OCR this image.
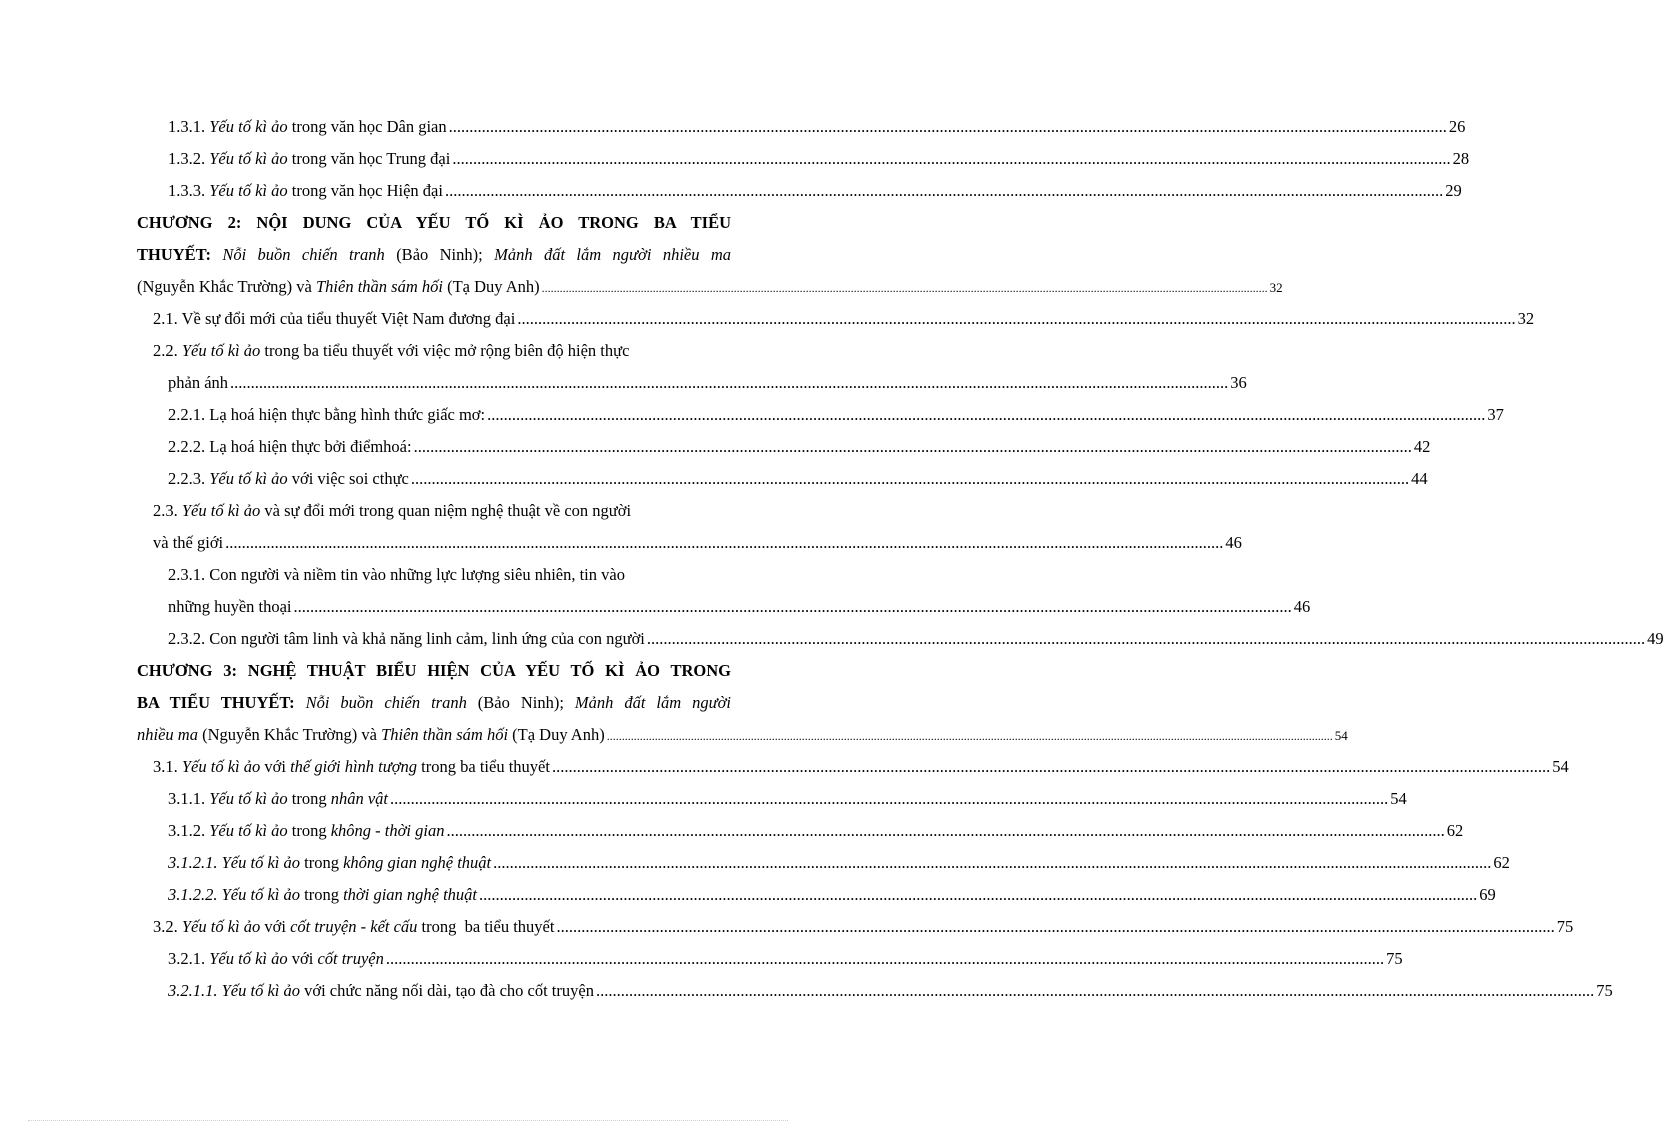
1.3.1. Yếu tố kì ảo trong văn học Dân gian .....	26
1.3.2. Yếu tố kì ảo trong văn học Trung đại .....	28
1.3.3. Yếu tố kì ảo trong văn học Hiện đại .....	29
CHƯƠNG 2: NỘI DUNG CỦA YẾU TỐ KÌ ẢO TRONG BA TIỂU
THUYẾT: Nỗi buồn chiến tranh (Bảo Ninh); Mảnh đất lắm người nhiều ma
(Nguyễn Khắc Trường) và Thiên thần sám hối (Tạ Duy Anh) .....	32
2.1. Về sự đổi mới của tiểu thuyết Việt Nam đương đại .....	32
2.2. Yếu tố kì ảo trong ba tiểu thuyết với việc mở rộng biên độ hiện thực
phản ánh .....	36
2.2.1. Lạ hoá hiện thực bằng hình thức giấc mơ: .....	37
2.2.2. Lạ hoá hiện thực bởi điểm hoá: .....	42
2.2.3. Yếu tố kì ảo với việc soi c thực .....	44
2.3. Yếu tố kì ảo và sự đổi mới trong quan niệm nghệ thuật về con người
và thế giới .....	46
2.3.1. Con người và niềm tin vào những lực lượng siêu nhiên, tin vào
những huyền thoại .....	46
2.3.2. Con người tâm linh và khả năng linh cảm, linh ứng của con người .....	49
CHƯƠNG 3: NGHỆ THUẬT BIỂU HIỆN CỦA YẾU TỐ KÌ ẢO TRONG
BA TIỂU THUYẾT: Nỗi buồn chiến tranh (Bảo Ninh); Mảnh đất lắm người
nhiều ma (Nguyễn Khắc Trường) và Thiên thần sám hối (Tạ Duy Anh) .....	54
3.1. Yếu tố kì ảo với thế giới hình tượng trong ba tiểu thuyết .....	54
3.1.1. Yếu tố kì ảo trong nhân vật .....	54
3.1.2. Yếu tố kì ảo trong không - thời gian .....	62
3.1.2.1. Yếu tố kì ảo trong không gian nghệ thuật .....	62
3.1.2.2. Yếu tố kì ảo trong thời gian nghệ thuật .....	69
3.2. Yếu tố kì ảo với cốt truyện - kết cấu trong  ba tiểu thuyết .....	75
3.2.1. Yếu tố kì ảo với cốt truyện .....	75
3.2.1.1. Yếu tố kì ảo với chức năng nối dài, tạo đà cho cốt truyện .....	75
